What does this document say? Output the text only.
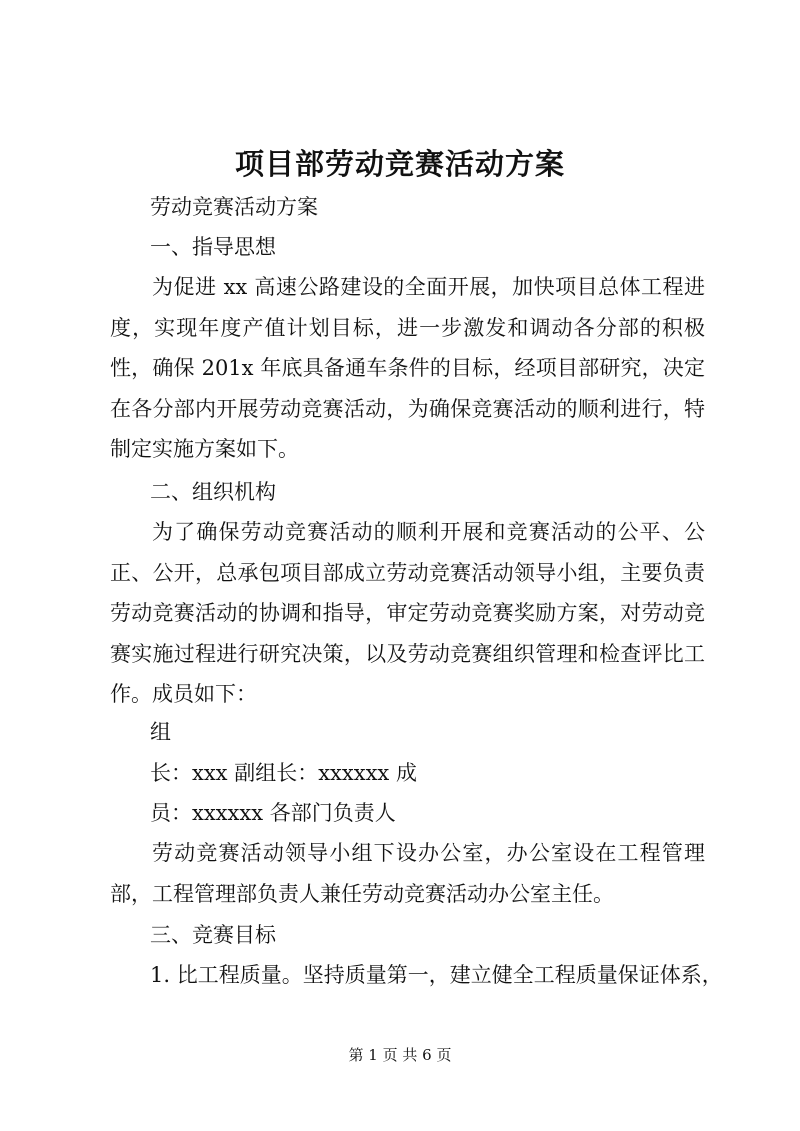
项目部劳动竞赛活动方案
劳动竞赛活动方案
一、指导思想
为促进 xx 高速公路建设的全面开展，加快项目总体工程进度，实现年度产值计划目标，进一步激发和调动各分部的积极性，确保 201x 年底具备通车条件的目标，经项目部研究，决定在各分部内开展劳动竞赛活动，为确保竞赛活动的顺利进行，特制定实施方案如下。
二、组织机构
为了确保劳动竞赛活动的顺利开展和竞赛活动的公平、公正、公开，总承包项目部成立劳动竞赛活动领导小组，主要负责劳动竞赛活动的协调和指导，审定劳动竞赛奖励方案，对劳动竞赛实施过程进行研究决策，以及劳动竞赛组织管理和检查评比工作。成员如下：
组
长：xxx 副组长：xxxxxx 成
员：xxxxxx 各部门负责人
劳动竞赛活动领导小组下设办公室，办公室设在工程管理部，工程管理部负责人兼任劳动竞赛活动办公室主任。
三、竞赛目标
1. 比工程质量。坚持质量第一，建立健全工程质量保证体系，
第 1 页 共 6 页
